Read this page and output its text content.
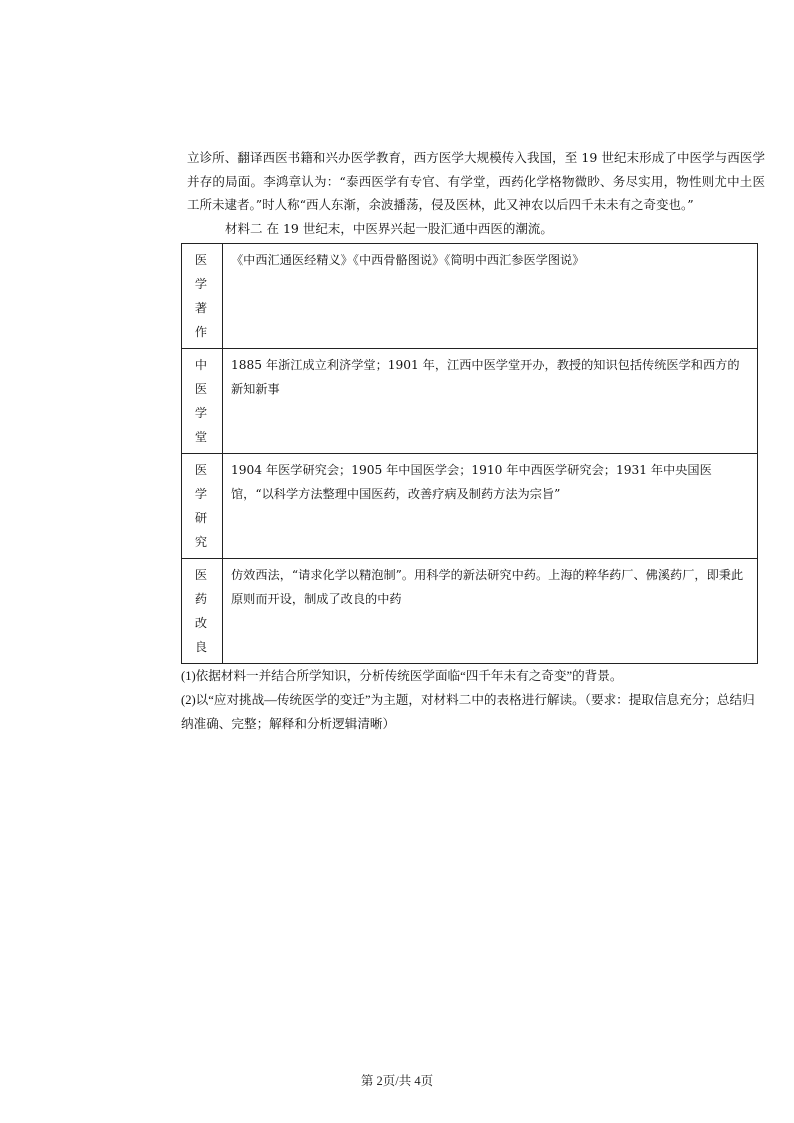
立诊所、翻译西医书籍和兴办医学教育，西方医学大规模传入我国，至 19 世纪末形成了中医学与西医学并存的局面。李鸿章认为：“泰西医学有专官、有学堂，西药化学格物微眇、务尽实用，物性则尤中土医工所未逮者。”时人称“西人东渐，余波播荡，侵及医林，此又神农以后四千未未有之奇变也。”

材料二 在 19 世纪末，中医界兴起一股汇通中西医的潮流。

医学著作	《中西汇通医经精义》《中西骨骼图说》《简明中西汇参医学图说》
中医学堂	1885 年浙江成立利济学堂；1901 年，江西中医学堂开办，教授的知识包括传统医学和西方的新知新事
医学研究	1904 年医学研究会；1905 年中国医学会；1910 年中西医学研究会；1931 年中央国医馆，“以科学方法整理中国医药，改善疗病及制药方法为宗旨”
医药改良	仿效西法，“请求化学以精泡制”。用科学的新法研究中药。上海的粹华药厂、佛溪药厂，即秉此原则而开设，制成了改良的中药

(1)依据材料一并结合所学知识，分析传统医学面临“四千年未有之奇变”的背景。

(2)以“应对挑战—传统医学的变迁”为主题，对材料二中的表格进行解读。（要求：提取信息充分；总结归纳准确、完整；解释和分析逻辑清晰）

第 2页/共 4页
